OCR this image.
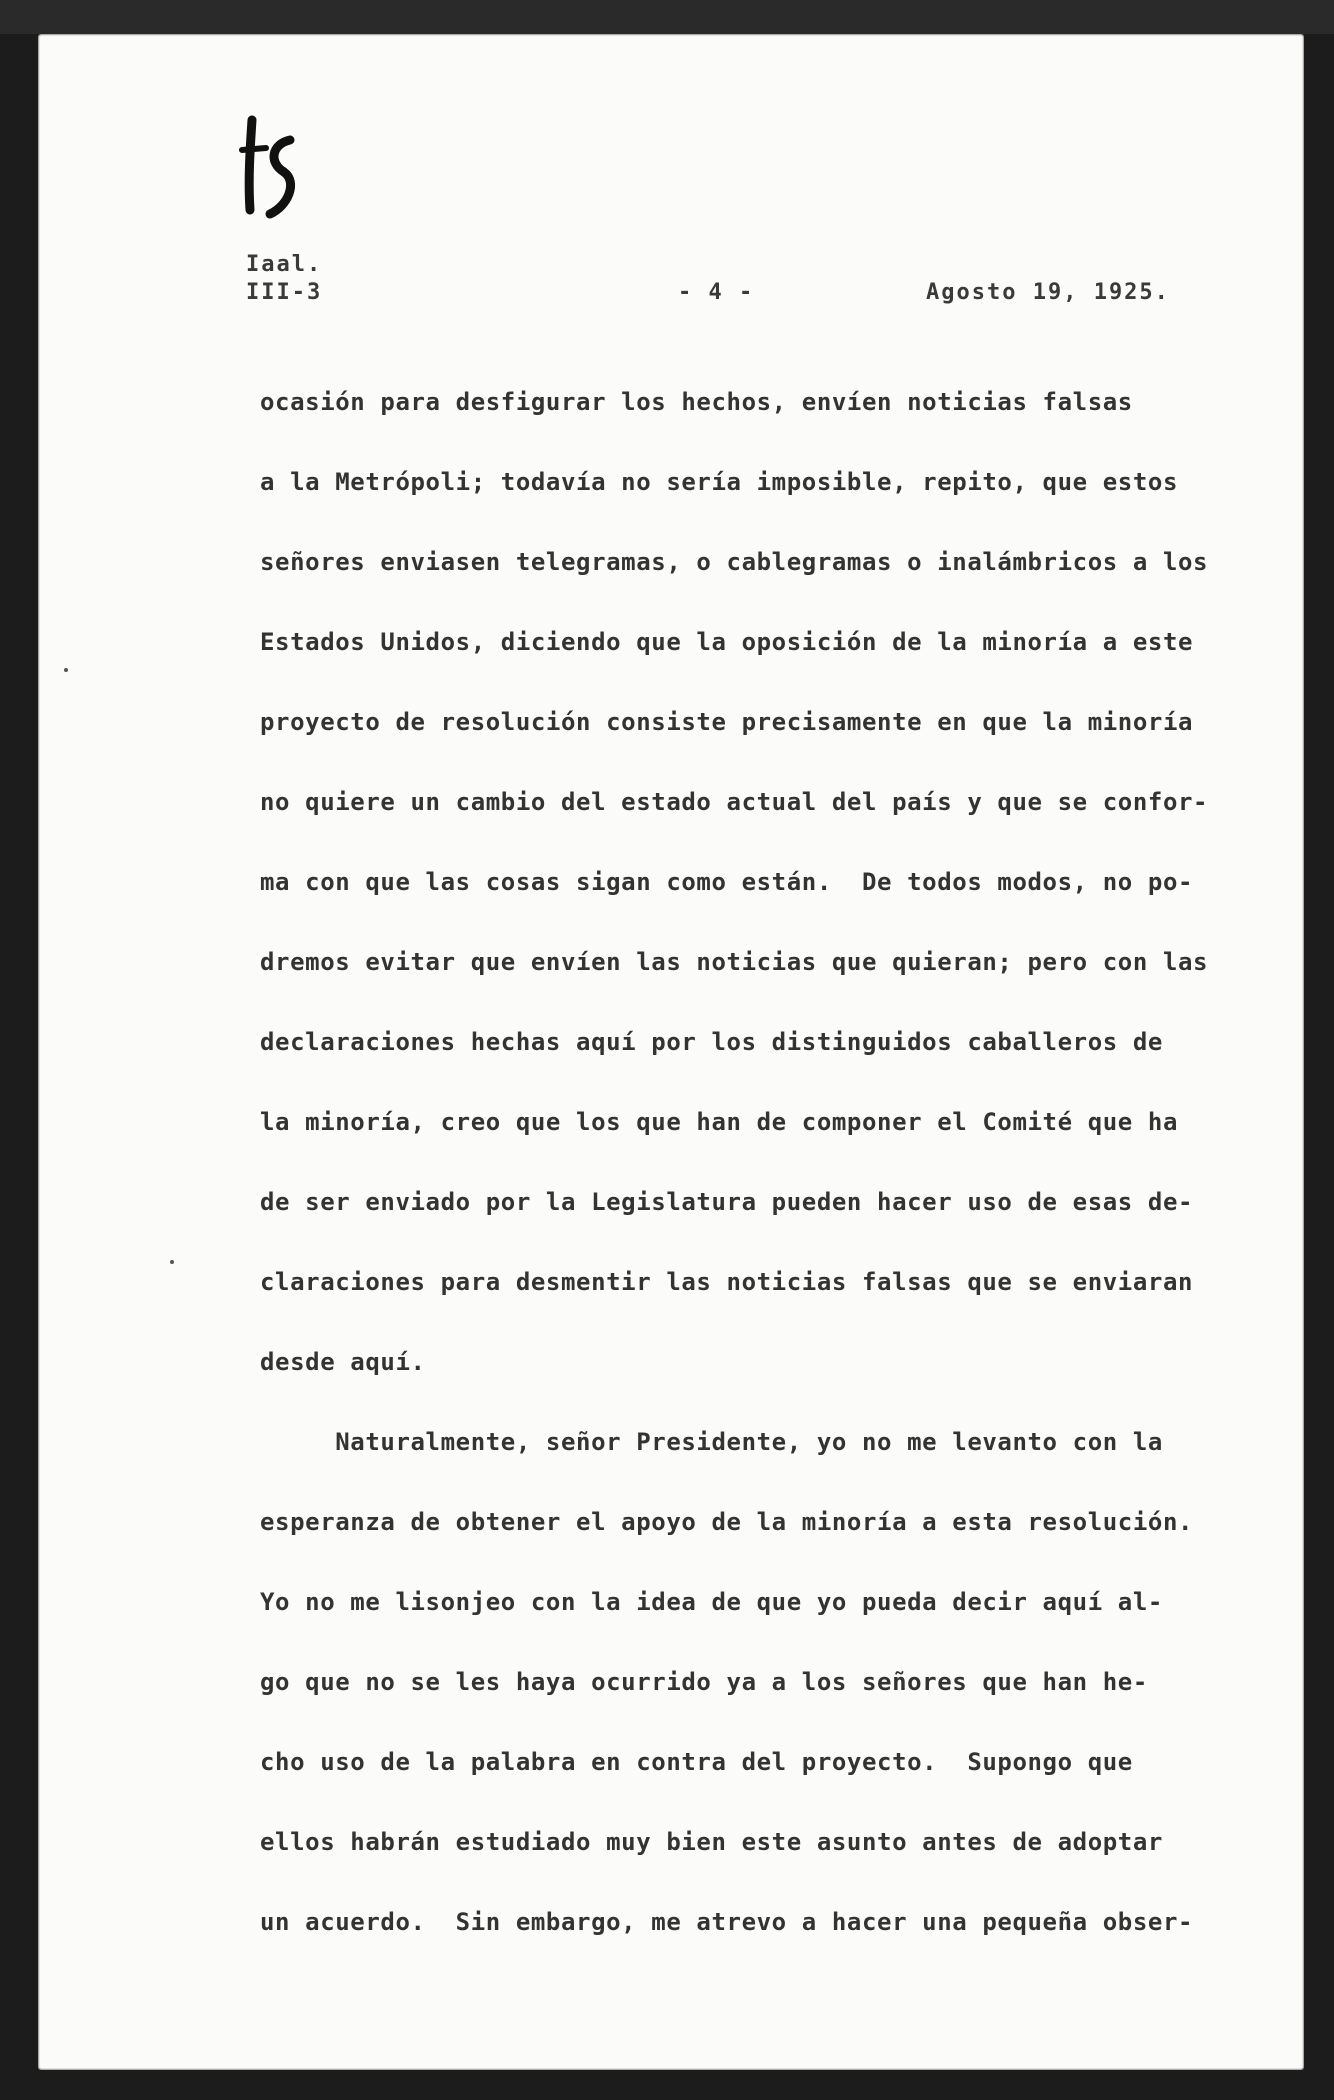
Iaal.
III-3	- 4 -	Agosto 19, 1925.
ocasión para desfigurar los hechos, envíen noticias falsas
a la Metrópoli; todavía no sería imposible, repito, que estos
señores enviasen telegramas, o cablegramas o inalámbricos a los
Estados Unidos, diciendo que la oposición de la minoría a este
proyecto de resolución consiste precisamente en que la minoría
no quiere un cambio del estado actual del país y que se confor-
ma con que las cosas sigan como están.  De todos modos, no po-
dremos evitar que envíen las noticias que quieran; pero con las
declaraciones hechas aquí por los distinguidos caballeros de
la minoría, creo que los que han de componer el Comité que ha
de ser enviado por la Legislatura pueden hacer uso de esas de-
claraciones para desmentir las noticias falsas que se enviaran
desde aquí.
Naturalmente, señor Presidente, yo no me levanto con la
esperanza de obtener el apoyo de la minoría a esta resolución.
Yo no me lisonjeo con la idea de que yo pueda decir aquí al-
go que no se les haya ocurrido ya a los señores que han he-
cho uso de la palabra en contra del proyecto.  Supongo que
ellos habrán estudiado muy bien este asunto antes de adoptar
un acuerdo.  Sin embargo, me atrevo a hacer una pequeña obser-
